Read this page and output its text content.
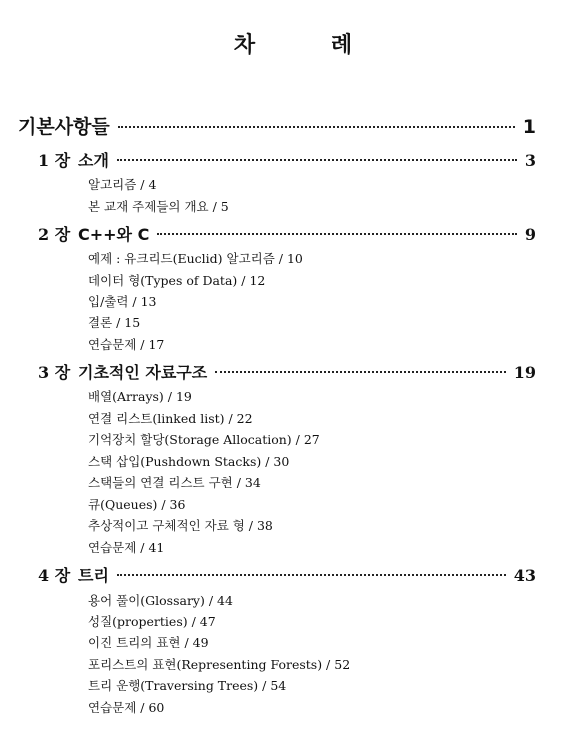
차 례
기본사항들	1
1 장 소개	3
알고리즘 / 4
본 교재 주제들의 개요 / 5
2 장 C++와 C	9
예제 : 유크리드(Euclid) 알고리즘 / 10
데이터 형(Types of Data) / 12
입/출력 / 13
결론 / 15
연습문제 / 17
3 장 기초적인 자료구조	19
배열(Arrays) / 19
연결 리스트(linked list) / 22
기억장치 할당(Storage Allocation) / 27
스택 삽입(Pushdown Stacks) / 30
스택들의 연결 리스트 구현 / 34
큐(Queues) / 36
추상적이고 구체적인 자료 형 / 38
연습문제 / 41
4 장 트리	43
용어 풀이(Glossary) / 44
성질(properties) / 47
이진 트리의 표현 / 49
포리스트의 표현(Representing Forests) / 52
트리 운행(Traversing Trees) / 54
연습문제 / 60
